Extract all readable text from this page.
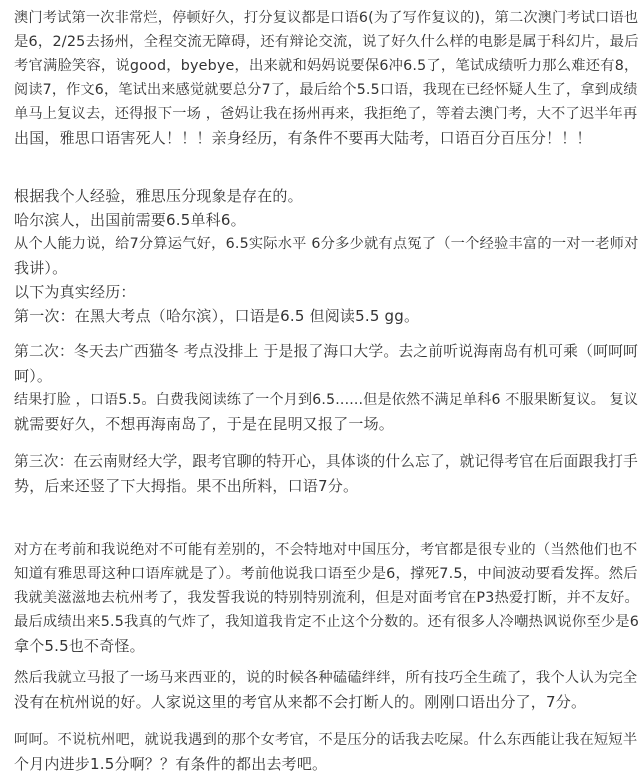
澳门考试第一次非常烂，停顿好久，打分复议都是口语6(为了写作复议的)，第二次澳门考试口语也
是6，2/25去扬州，全程交流无障碍，还有辩论交流，说了好久什么样的电影是属于科幻片，最后
考官满脸笑容，说good，byebye，出来就和妈妈说要保6冲6.5了，笔试成绩听力那么难还有8，
阅读7，作文6，笔试出来感觉就要总分7了，最后给个5.5口语，我现在已经怀疑人生了，拿到成绩
单马上复议去，还得报下一场 ，爸妈让我在扬州再来，我拒绝了，等着去澳门考，大不了迟半年再
出国，雅思口语害死人！！！亲身经历，有条件不要再大陆考，口语百分百压分！！！
根据我个人经验，雅思压分现象是存在的。
哈尔滨人，出国前需要6.5单科6。
从个人能力说，给7分算运气好，6.5实际水平 6分多少就有点冤了（一个经验丰富的一对一老师对
我讲）。
以下为真实经历：
第一次：在黑大考点（哈尔滨），口语是6.5 但阅读5.5 gg。
第二次：冬天去广西猫冬 考点没排上 于是报了海口大学。去之前听说海南岛有机可乘（呵呵呵
呵）。
结果打脸 ，口语5.5。白费我阅读练了一个月到6.5......但是依然不满足单科6 不服果断复议。 复议
就需要好久，不想再海南岛了，于是在昆明又报了一场。
第三次：在云南财经大学，跟考官聊的特开心，具体谈的什么忘了，就记得考官在后面跟我打手
势，后来还竖了下大拇指。果不出所料，口语7分。
对方在考前和我说绝对不可能有差别的，不会特地对中国压分，考官都是很专业的（当然他们也不
知道有雅思哥这种口语库就是了）。考前他说我口语至少是6，撑死7.5，中间波动要看发挥。然后
我就美滋滋地去杭州考了，我发誓我说的特别特别流利，但是对面考官在P3热爱打断，并不友好。
最后成绩出来5.5我真的气炸了，我知道我肯定不止这个分数的。还有很多人冷嘲热讽说你至少是6
拿个5.5也不奇怪。
然后我就立马报了一场马来西亚的，说的时候各种磕磕绊绊，所有技巧全生疏了，我个人认为完全
没有在杭州说的好。人家说这里的考官从来都不会打断人的。刚刚口语出分了，7分。
呵呵。不说杭州吧，就说我遇到的那个女考官，不是压分的话我去吃屎。什么东西能让我在短短半
个月内进步1.5分啊？？有条件的都出去考吧。
